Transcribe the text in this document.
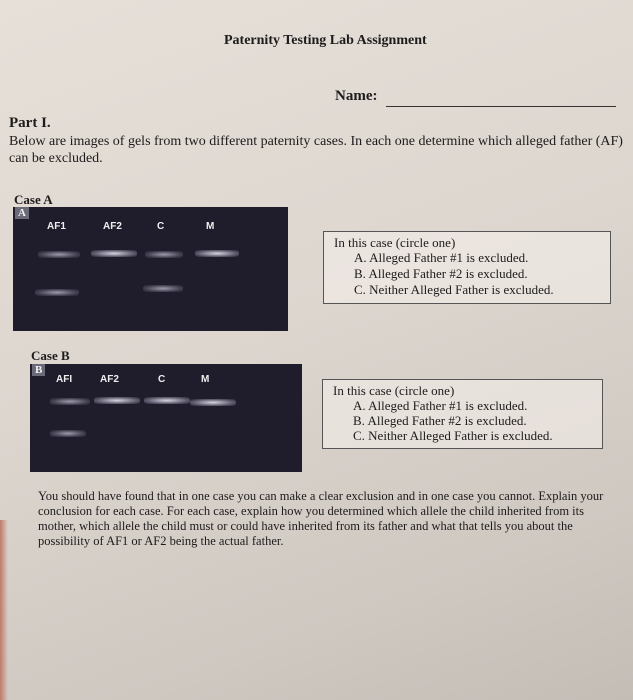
Paternity Testing Lab Assignment
Name:
Part I.
Below are images of gels from two different paternity cases. In each one determine which alleged father (AF) can be excluded.
Case A
A
AF1	AF2	C	M
In this case (circle one)
A. Alleged Father #1 is excluded.
B. Alleged Father #2 is excluded.
C. Neither Alleged Father is excluded.
Case B
B
AFI	AF2	C	M
In this case (circle one)
A. Alleged Father #1 is excluded.
B. Alleged Father #2 is excluded.
C. Neither Alleged Father is excluded.
You should have found that in one case you can make a clear exclusion and in one case you cannot. Explain your conclusion for each case. For each case, explain how you determined which allele the child inherited from its mother, which allele the child must or could have inherited from its father and what that tells you about the possibility of AF1 or AF2 being the actual father.
